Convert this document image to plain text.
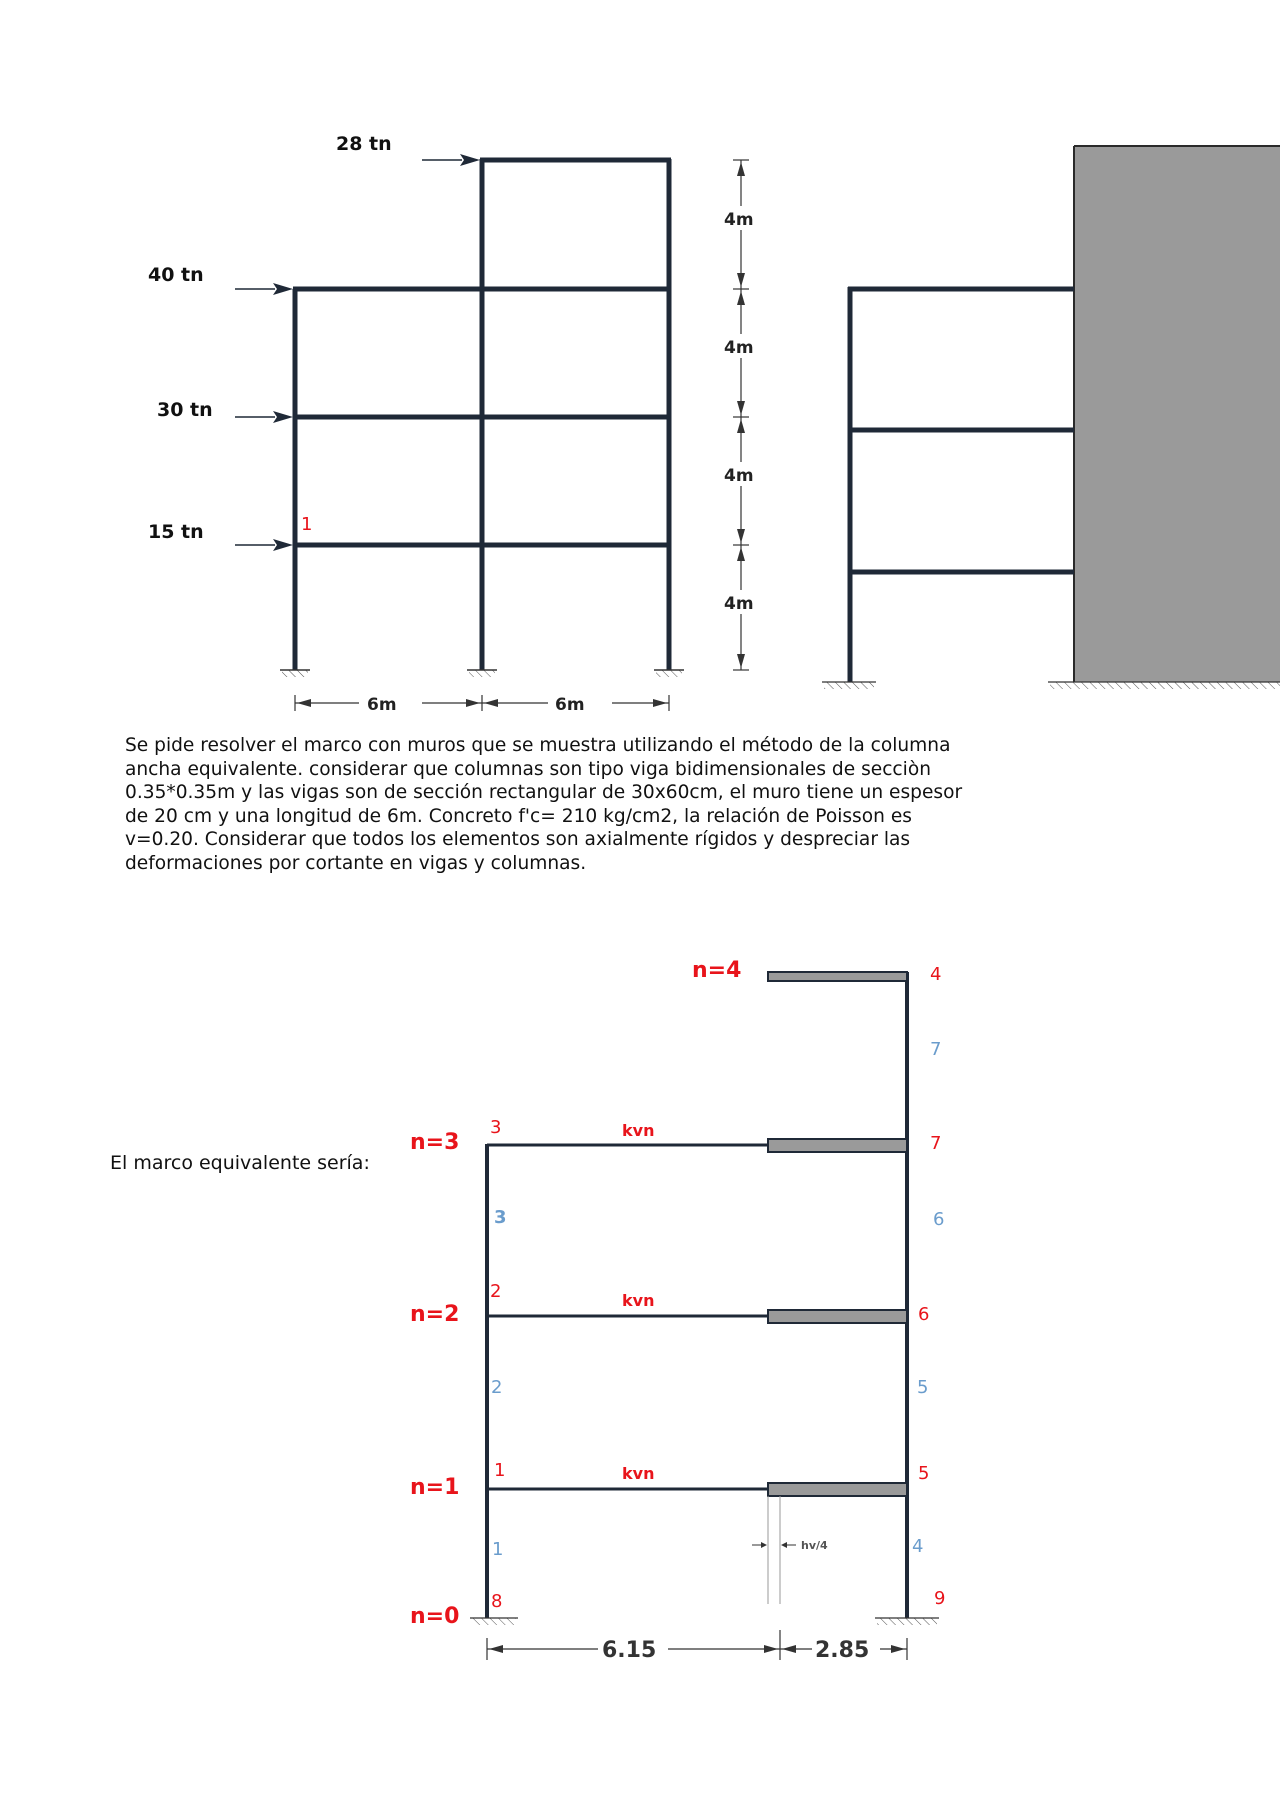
28 tn
40 tn
30 tn
15 tn	1
4m
4m
4m
4m
6m	6m

Se pide resolver el marco con muros que se muestra utilizando el método de la columna

ancha equivalente. considerar que columnas son tipo viga bidimensionales de secciòn

0.35*0.35m y las vigas son de sección rectangular de 30x60cm, el muro tiene un espesor

de 20 cm y una longitud de 6m. Concreto f'c= 210 kg/cm2, la relación de Poisson es

v=0.20. Considerar que todos los elementos son axialmente rígidos y despreciar las

deformaciones por cortante en vigas y columnas.

El marco equivalente sería:
hv/4
n=4
n=3
n=2
n=1
n=0
kvn
kvn
kvn
3
2
1
8
4
7
6
5
9
3
2
1
7
6
5
4
6.15	2.85
